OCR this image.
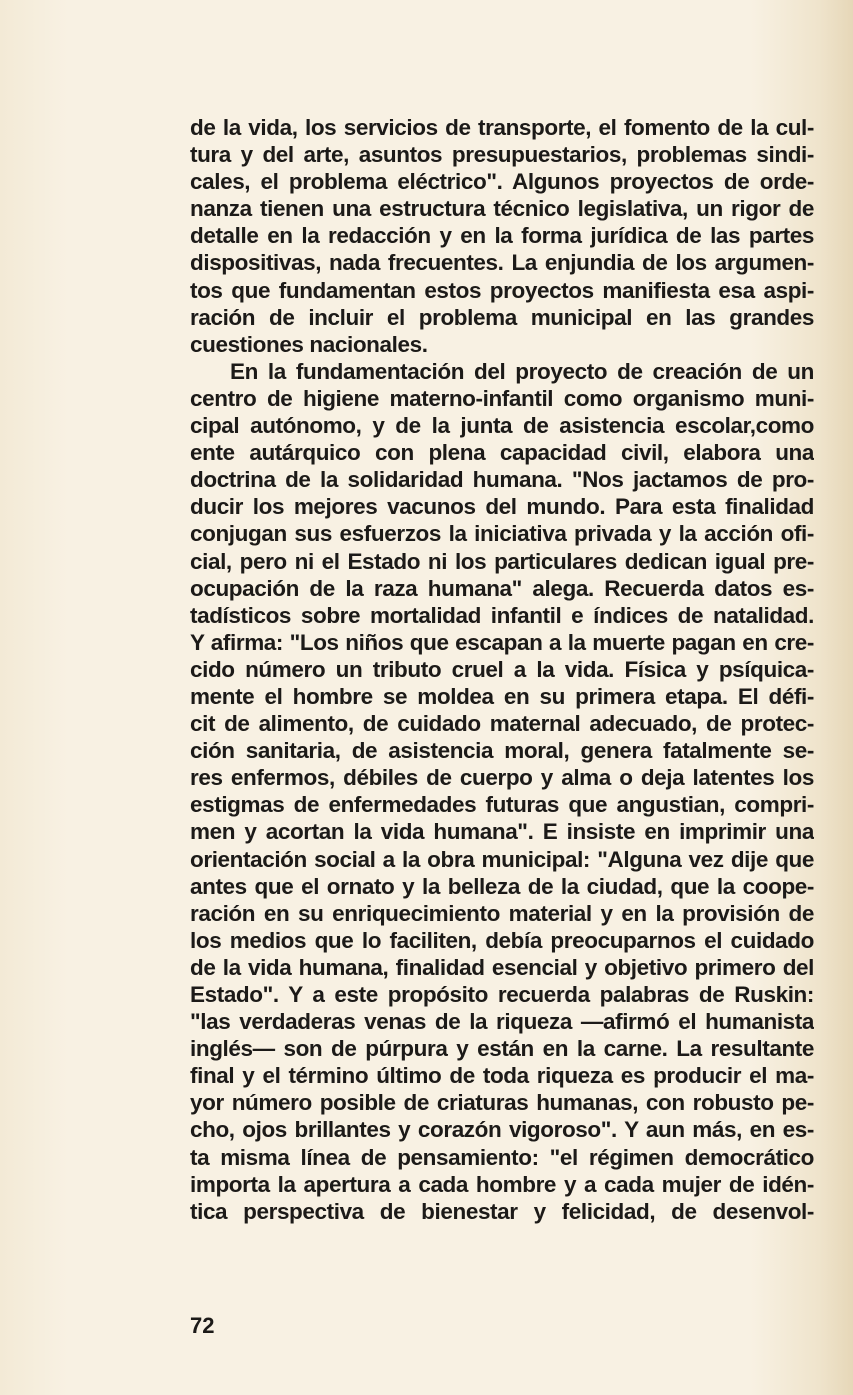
de la vida, los servicios de transporte, el fomento de la cul-
tura y del arte, asuntos presupuestarios, problemas sindi-
cales, el problema eléctrico". Algunos proyectos de orde-
nanza tienen una estructura técnico legislativa, un rigor de
detalle en la redacción y en la forma jurídica de las partes
dispositivas, nada frecuentes. La enjundia de los argumen-
tos que fundamentan estos proyectos manifiesta esa aspi-
ración de incluir el problema municipal en las grandes
cuestiones nacionales.
En la fundamentación del proyecto de creación de un
centro de higiene materno-infantil como organismo muni-
cipal autónomo, y de la junta de asistencia escolar,como
ente autárquico con plena capacidad civil, elabora una
doctrina de la solidaridad humana. "Nos jactamos de pro-
ducir los mejores vacunos del mundo. Para esta finalidad
conjugan sus esfuerzos la iniciativa privada y la acción ofi-
cial, pero ni el Estado ni los particulares dedican igual pre-
ocupación de la raza humana" alega. Recuerda datos es-
tadísticos sobre mortalidad infantil e índices de natalidad.
Y afirma: "Los niños que escapan a la muerte pagan en cre-
cido número un tributo cruel a la vida. Física y psíquica-
mente el hombre se moldea en su primera etapa. El défi-
cit de alimento, de cuidado maternal adecuado, de protec-
ción sanitaria, de asistencia moral, genera fatalmente se-
res enfermos, débiles de cuerpo y alma o deja latentes los
estigmas de enfermedades futuras que angustian, compri-
men y acortan la vida humana". E insiste en imprimir una
orientación social a la obra municipal: "Alguna vez dije que
antes que el ornato y la belleza de la ciudad, que la coope-
ración en su enriquecimiento material y en la provisión de
los medios que lo faciliten, debía preocuparnos el cuidado
de la vida humana, finalidad esencial y objetivo primero del
Estado". Y a este propósito recuerda palabras de Ruskin:
"las verdaderas venas de la riqueza —afirmó el humanista
inglés— son de púrpura y están en la carne. La resultante
final y el término último de toda riqueza es producir el ma-
yor número posible de criaturas humanas, con robusto pe-
cho, ojos brillantes y corazón vigoroso". Y aun más, en es-
ta misma línea de pensamiento: "el régimen democrático
importa la apertura a cada hombre y a cada mujer de idén-
tica perspectiva de bienestar y felicidad, de desenvol-
72
